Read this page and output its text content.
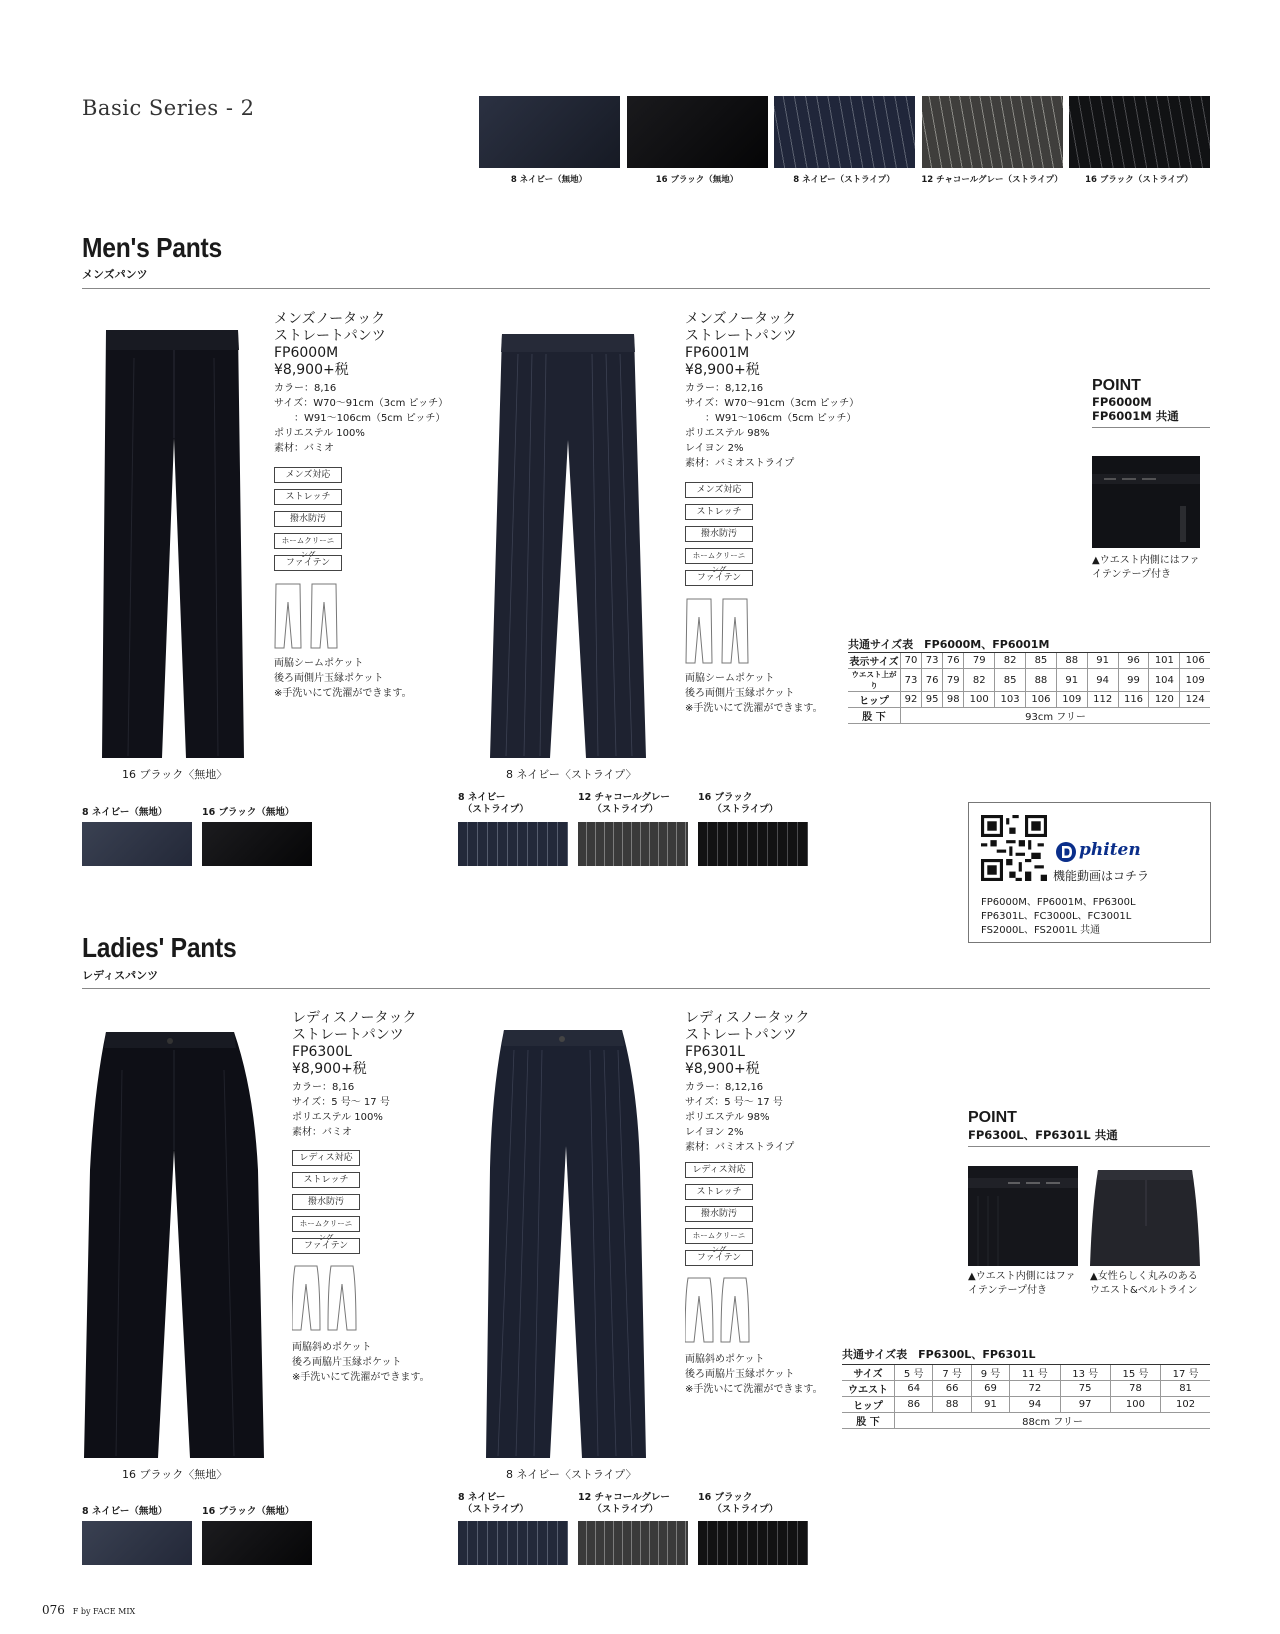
Basic Series - 2
8 ネイビー（無地）	16 ブラック（無地）	8 ネイビー（ストライプ）	12 チャコールグレー（ストライプ）	16 ブラック（ストライプ）
Men's Pants
メンズパンツ
メンズノータック
ストレートパンツ
FP6000M
¥8,900+税
カラー：8,16
サイズ：W70～91cm（3cm ピッチ）
　　：W91～106cm（5cm ピッチ）
ポリエステル 100%
素材：バミオ
メンズ対応
ストレッチ
撥水防汚
ホームクリーニング
ファイテン
両脇シームポケット
後ろ両側片玉縁ポケット
※手洗いにて洗濯ができます。
16 ブラック〈無地〉
8 ネイビー（無地）	16 ブラック（無地）
メンズノータック
ストレートパンツ
FP6001M
¥8,900+税
カラー：8,12,16
サイズ：W70～91cm（3cm ピッチ）
　　：W91～106cm（5cm ピッチ）
ポリエステル 98%
レイヨン 2%
素材：バミオストライプ
メンズ対応
ストレッチ
撥水防汚
ホームクリーニング
ファイテン
両脇シームポケット
後ろ両側片玉縁ポケット
※手洗いにて洗濯ができます。
8 ネイビー〈ストライプ〉
8 ネイビー
　（ストライプ）
12 チャコールグレー
　　（ストライプ）
16 ブラック
　　（ストライプ）
POINT
FP6000M
FP6001M 共通
▲ウエスト内側にはファ
イテンテープ付き
共通サイズ表　FP6000M、FP6001M
表示サイズ	70	73	76	79	82	85	88	91	96	101	106
ウエスト上がり	73	76	79	82	85	88	91	94	99	104	109
ヒップ	92	95	98	100	103	106	109	112	116	120	124
股 下	93cm フリー										
phiten
機能動画はコチラ
FP6000M、FP6001M、FP6300L
FP6301L、FC3000L、FC3001L
FS2000L、FS2001L 共通
Ladies' Pants
レディスパンツ
レディスノータック
ストレートパンツ
FP6300L
¥8,900+税
カラー：8,16
サイズ：5 号～ 17 号
ポリエステル 100%
素材：バミオ
レディス対応
ストレッチ
撥水防汚
ホームクリーニング
ファイテン
両脇斜めポケット
後ろ両脇片玉縁ポケット
※手洗いにて洗濯ができます。
16 ブラック〈無地〉
8 ネイビー（無地）	16 ブラック（無地）
レディスノータック
ストレートパンツ
FP6301L
¥8,900+税
カラー：8,12,16
サイズ：5 号～ 17 号
ポリエステル 98%
レイヨン 2%
素材：バミオストライプ
レディス対応
ストレッチ
撥水防汚
ホームクリーニング
ファイテン
両脇斜めポケット
後ろ両脇片玉縁ポケット
※手洗いにて洗濯ができます。
8 ネイビー〈ストライプ〉
8 ネイビー
　（ストライプ）
12 チャコールグレー
　　（ストライプ）
16 ブラック
　　（ストライプ）
POINT
FP6300L、FP6301L 共通
▲ウエスト内側にはファ
イテンテープ付き
▲女性らしく丸みのある
ウエスト&ベルトライン
共通サイズ表　FP6300L、FP6301L
サイズ	5 号	7 号	9 号	11 号	13 号	15 号	17 号
ウエスト	64	66	69	72	75	78	81
ヒップ	86	88	91	94	97	100	102
股 下	88cm フリー						
076 F by FACE MIX
